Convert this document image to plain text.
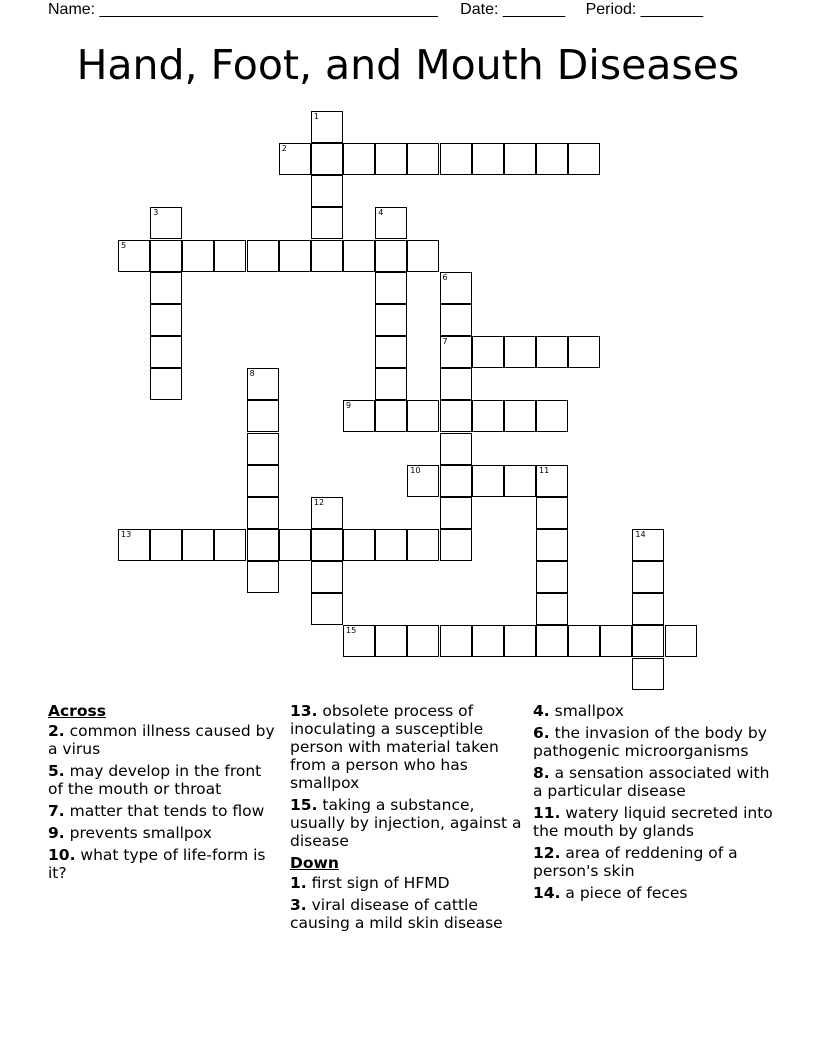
Name: ______________________________________ Date: _______ Period: _______
Hand, Foot, and Mouth Diseases
1
2
3	4
5
6
7
8
9
10	11
12
13	14
15
Across
2. common illness caused by a virus
5. may develop in the front of the mouth or throat
7. matter that tends to flow
9. prevents smallpox
10. what type of life-form is it?
13. obsolete process of inoculating a susceptible person with material taken from a person who has smallpox
15. taking a substance, usually by injection, against a disease
Down
1. first sign of HFMD
3. viral disease of cattle causing a mild skin disease
4. smallpox
6. the invasion of the body by pathogenic microorganisms
8. a sensation associated with a particular disease
11. watery liquid secreted into the mouth by glands
12. area of reddening of a person's skin
14. a piece of feces
